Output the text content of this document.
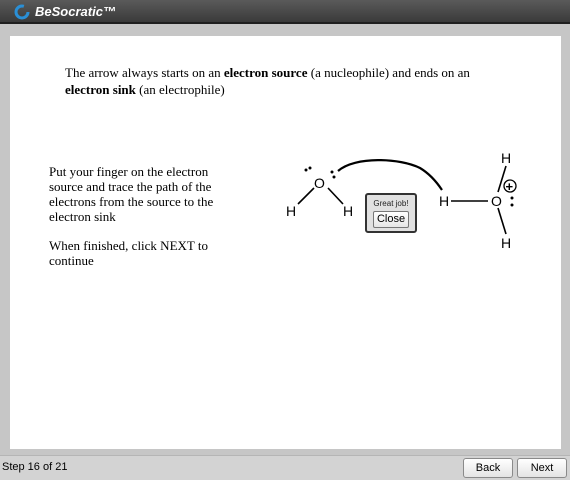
BeSocratic™
The arrow always starts on an electron source (a nucleophile) and ends on an electron sink (an electrophile)

Put your finger on the electron source and trace the path of the electrons from the source to the electron sink

When finished, click NEXT to continue

O
H	H
H
H	O
H
+
Great job!
Close
Step 16 of 21	Back	Next
